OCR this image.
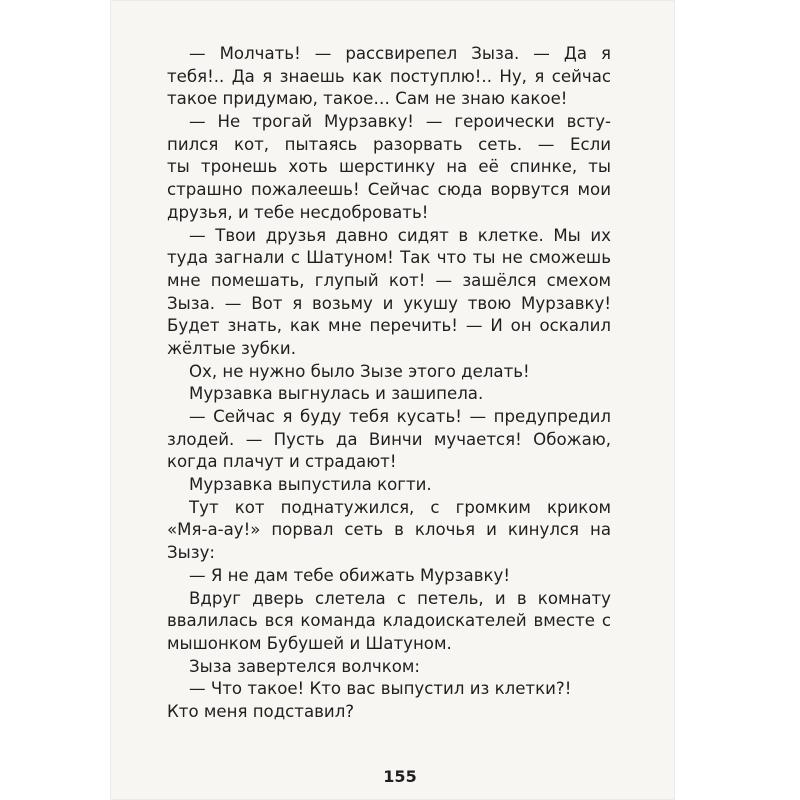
— Молчать! — рассвирепел Зыза. — Да я

тебя!.. Да я знаешь как поступлю!.. Ну, я сейчас

такое придумаю, такое… Сам не знаю какое!

— Не трогай Мурзавку! — героически всту-

пился кот, пытаясь разорвать сеть. — Если

ты тронешь хоть шерстинку на её спинке, ты

страшно пожалеешь! Сейчас сюда ворвутся мои

друзья, и тебе несдобровать!

— Твои друзья давно сидят в клетке. Мы их

туда загнали с Шатуном! Так что ты не сможешь

мне помешать, глупый кот! — зашёлся смехом

Зыза. — Вот я возьму и укушу твою Мурзавку!

Будет знать, как мне перечить! — И он оскалил

жёлтые зубки.

Ох, не нужно было Зызе этого делать!

Мурзавка выгнулась и зашипела.

— Сейчас я буду тебя кусать! — предупредил

злодей. — Пусть да Винчи мучается! Обожаю,

когда плачут и страдают!

Мурзавка выпустила когти.

Тут кот поднатужился, с громким криком

«Мя-а-ау!» порвал сеть в клочья и кинулся на

Зызу:

— Я не дам тебе обижать Мурзавку!

Вдруг дверь слетела с петель, и в комнату

ввалилась вся команда кладоискателей вместе с

мышонком Бубушей и Шатуном.

Зыза завертелся волчком:

— Что такое! Кто вас выпустил из клетки?!

Кто меня подставил?

155
